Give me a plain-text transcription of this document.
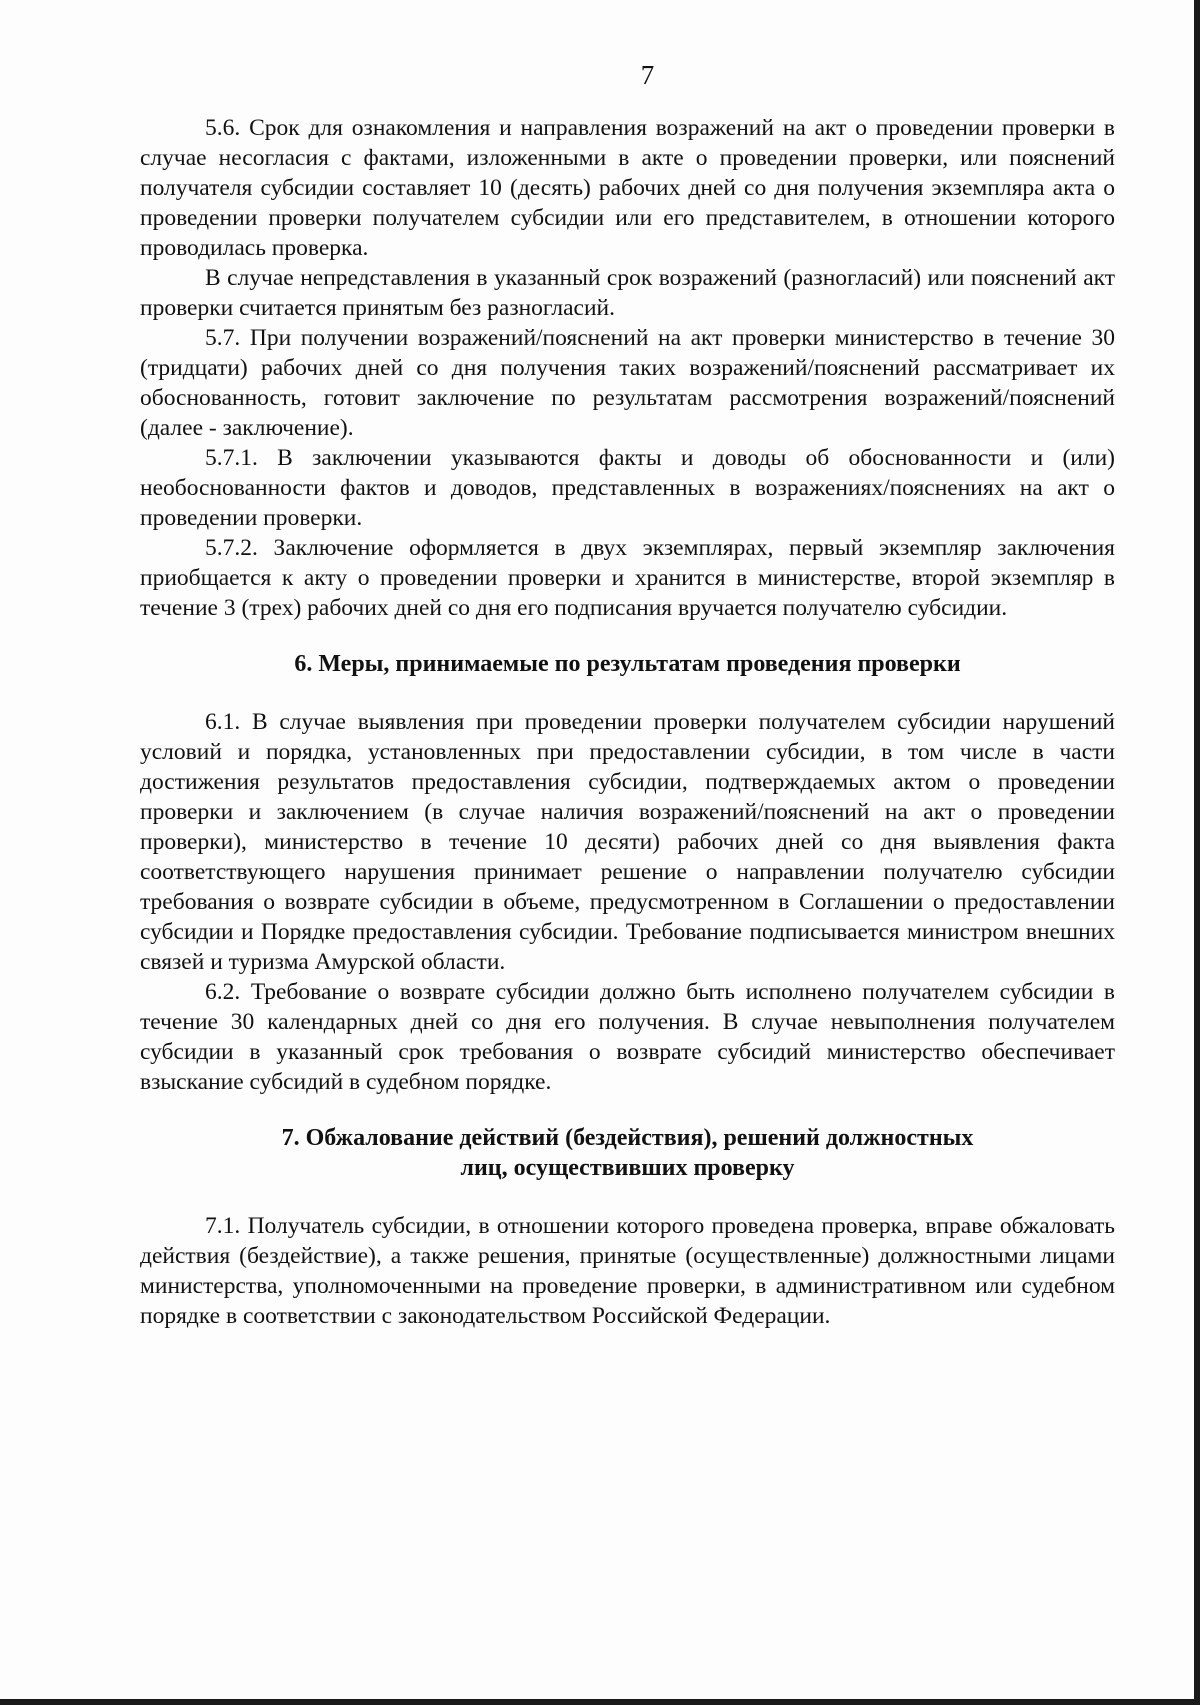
7

5.6. Срок для ознакомления и направления возражений на акт о проведении проверки в случае несогласия с фактами, изложенными в акте о проведении проверки, или пояснений получателя субсидии составляет 10 (десять) рабочих дней со дня получения экземпляра акта о проведении проверки получателем субсидии или его представителем, в отношении которого проводилась проверка.

В случае непредставления в указанный срок возражений (разногласий) или пояснений акт проверки считается принятым без разногласий.

5.7. При получении возражений/пояснений на акт проверки министерство в течение 30 (тридцати) рабочих дней со дня получения таких возражений/пояснений рассматривает их обоснованность, готовит заключение по результатам рассмотрения возражений/пояснений (далее - заключение).

5.7.1. В заключении указываются факты и доводы об обоснованности и (или) необоснованности фактов и доводов, представленных в возражениях/пояснениях на акт о проведении проверки.

5.7.2. Заключение оформляется в двух экземплярах, первый экземпляр заключения приобщается к акту о проведении проверки и хранится в министерстве, второй экземпляр в течение 3 (трех) рабочих дней со дня его подписания вручается получателю субсидии.

6. Меры, принимаемые по результатам проведения проверки

6.1. В случае выявления при проведении проверки получателем субсидии нарушений условий и порядка, установленных при предоставлении субсидии, в том числе в части достижения результатов предоставления субсидии, подтверждаемых актом о проведении проверки и заключением (в случае наличия возражений/пояснений на акт о проведении проверки), министерство в течение 10 десяти) рабочих дней со дня выявления факта соответствующего нарушения принимает решение о направлении получателю субсидии требования о возврате субсидии в объеме, предусмотренном в Соглашении о предоставлении субсидии и Порядке предоставления субсидии. Требование подписывается министром внешних связей и туризма Амурской области.

6.2. Требование о возврате субсидии должно быть исполнено получателем субсидии в течение 30 календарных дней со дня его получения. В случае невыполнения получателем субсидии в указанный срок требования о возврате субсидий министерство обеспечивает взыскание субсидий в судебном порядке.

7. Обжалование действий (бездействия), решений должностных
лиц, осуществивших проверку

7.1. Получатель субсидии, в отношении которого проведена проверка, вправе обжаловать действия (бездействие), а также решения, принятые (осуществленные) должностными лицами министерства, уполномоченными на проведение проверки, в административном или судебном порядке в соответствии с законодательством Российской Федерации.
